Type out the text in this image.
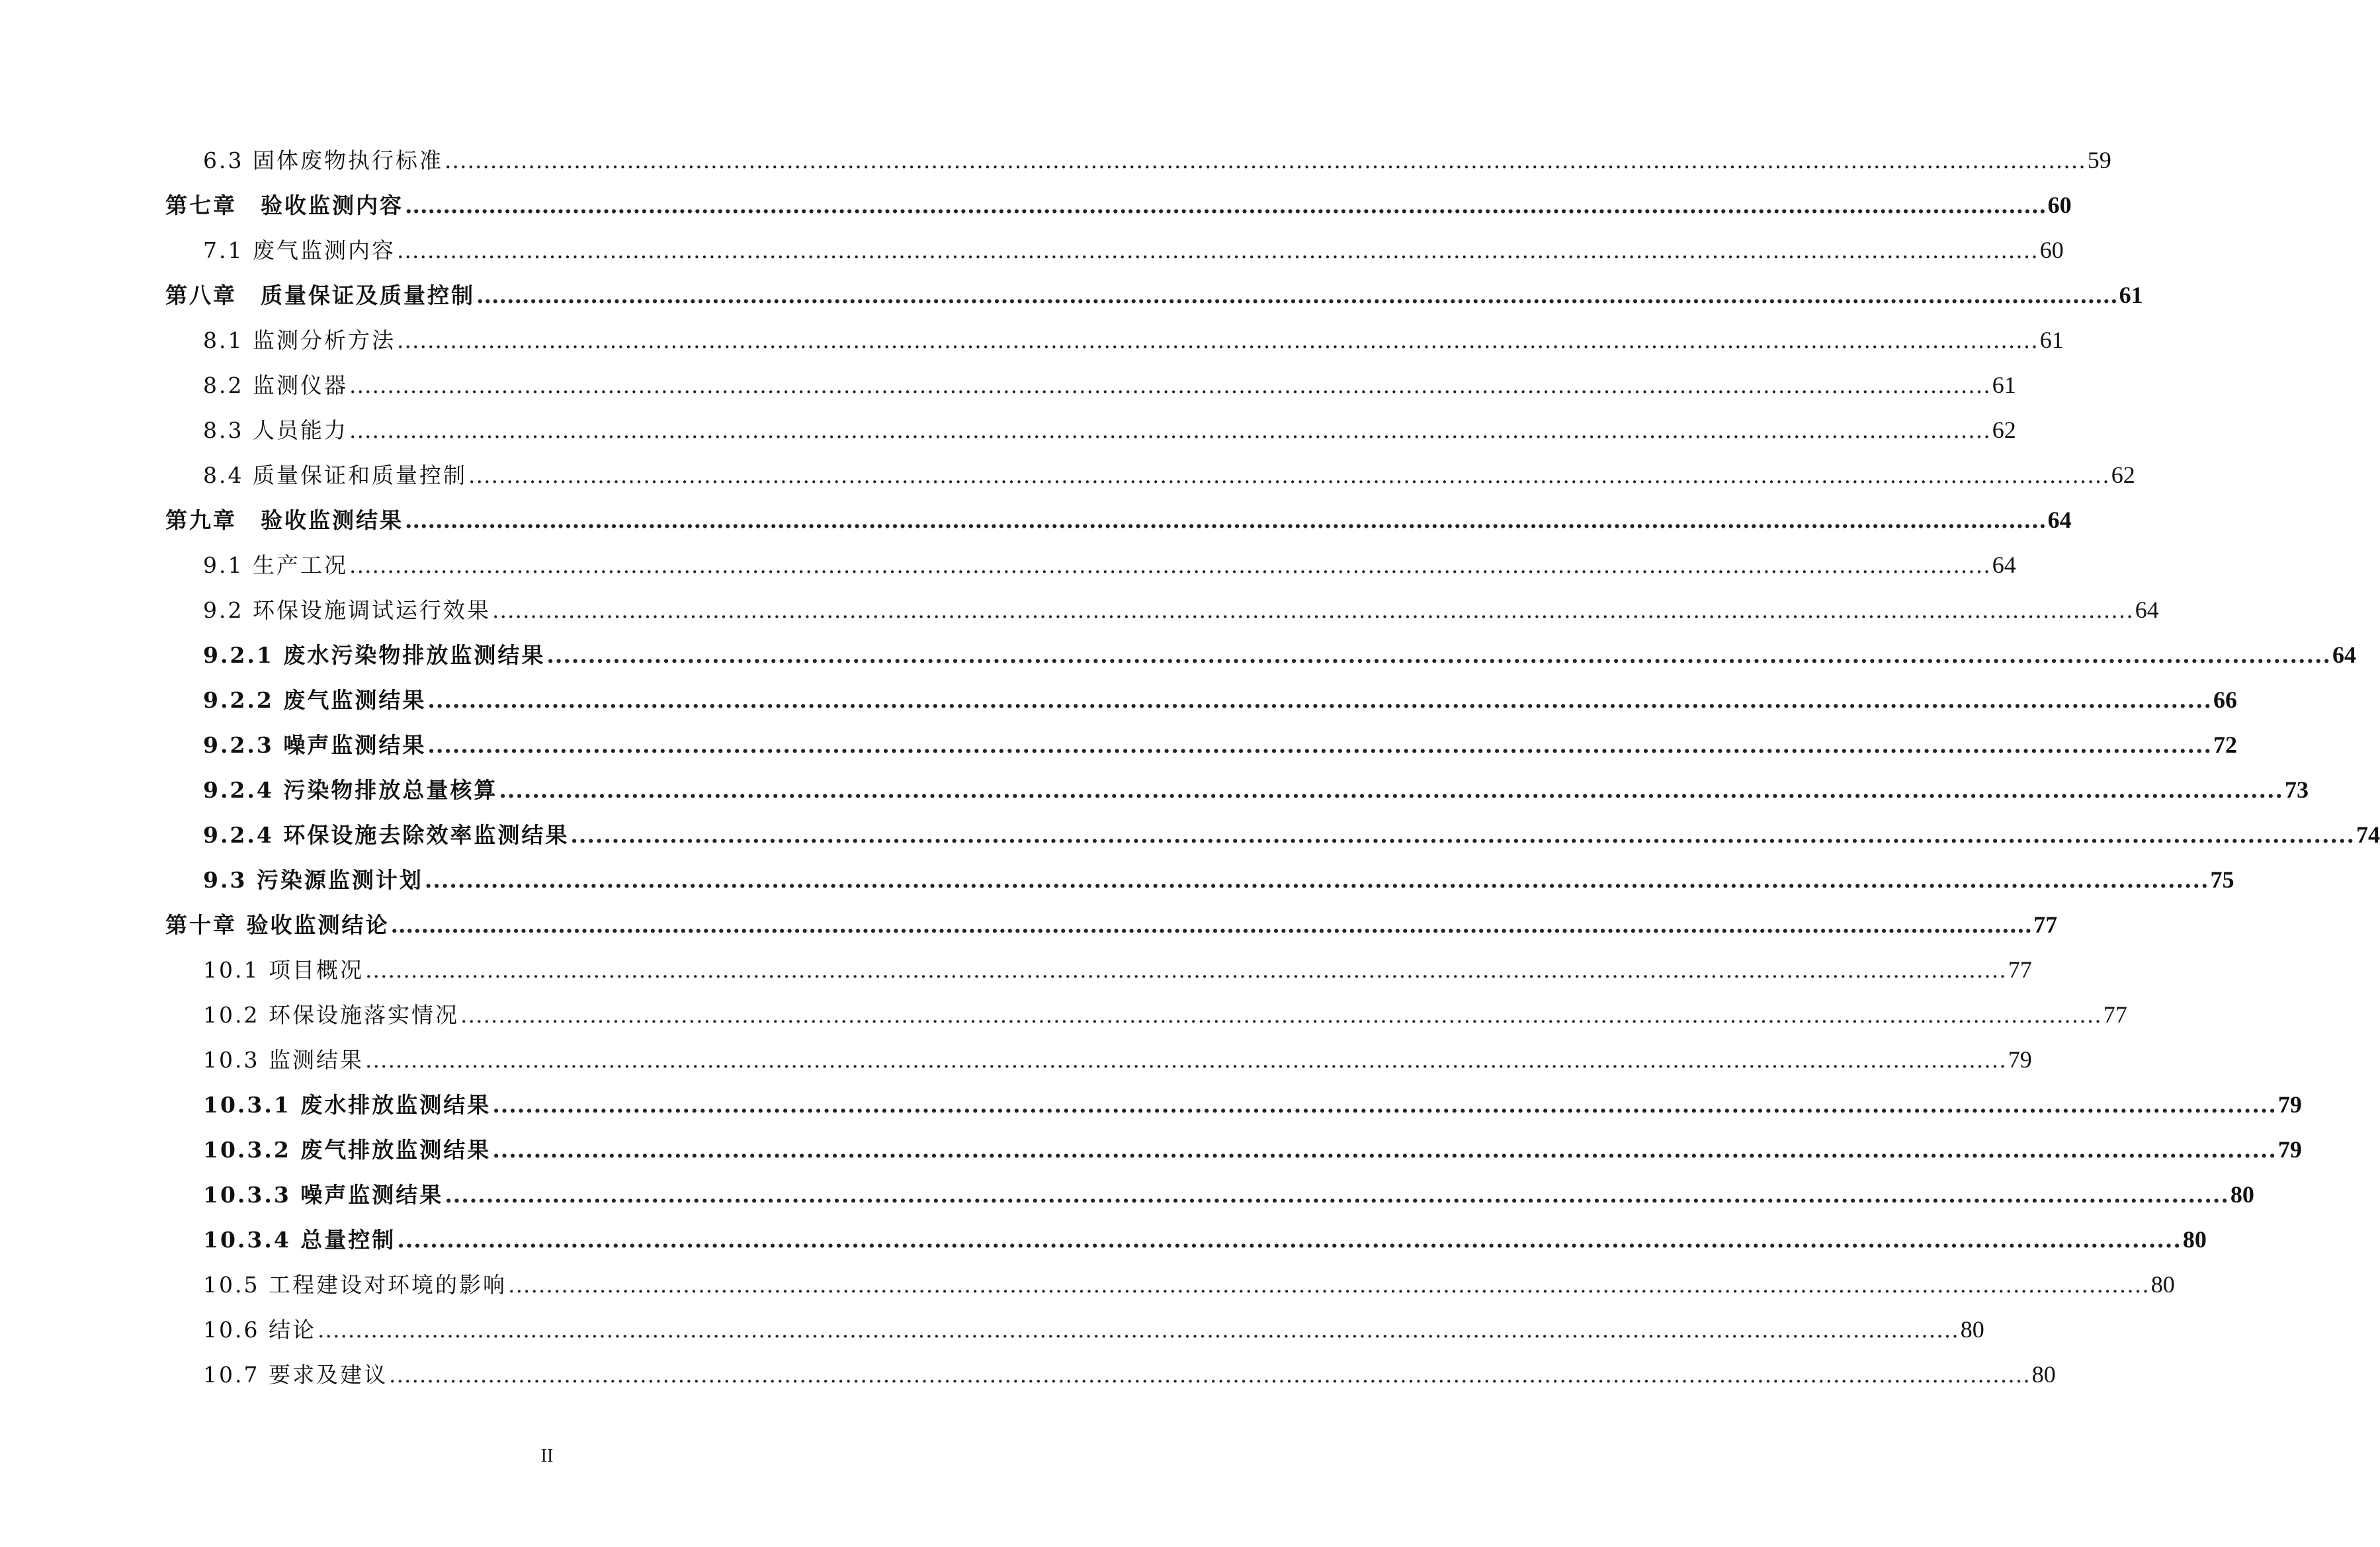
6.3 固体废物执行标准 ........................................................................................................................................................................................................................ 59
第七章　验收监测内容 ........................................................................................................................................................................................................................ 60
7.1 废气监测内容 ........................................................................................................................................................................................................................ 60
第八章　质量保证及质量控制 ........................................................................................................................................................................................................................ 61
8.1 监测分析方法 ........................................................................................................................................................................................................................ 61
8.2 监测仪器 ........................................................................................................................................................................................................................ 61
8.3 人员能力 ........................................................................................................................................................................................................................ 62
8.4 质量保证和质量控制 ........................................................................................................................................................................................................................ 62
第九章　验收监测结果 ........................................................................................................................................................................................................................ 64
9.1 生产工况 ........................................................................................................................................................................................................................ 64
9.2 环保设施调试运行效果 ........................................................................................................................................................................................................................ 64
9.2.1 废水污染物排放监测结果 ........................................................................................................................................................................................................................ 64
9.2.2 废气监测结果 ........................................................................................................................................................................................................................ 66
9.2.3 噪声监测结果 ........................................................................................................................................................................................................................ 72
9.2.4 污染物排放总量核算 ........................................................................................................................................................................................................................ 73
9.2.4 环保设施去除效率监测结果 ........................................................................................................................................................................................................................ 74
9.3 污染源监测计划 ........................................................................................................................................................................................................................ 75
第十章 验收监测结论 ........................................................................................................................................................................................................................ 77
10.1 项目概况 ........................................................................................................................................................................................................................ 77
10.2 环保设施落实情况 ........................................................................................................................................................................................................................ 77
10.3 监测结果 ........................................................................................................................................................................................................................ 79
10.3.1 废水排放监测结果 ........................................................................................................................................................................................................................ 79
10.3.2 废气排放监测结果 ........................................................................................................................................................................................................................ 79
10.3.3 噪声监测结果 ........................................................................................................................................................................................................................ 80
10.3.4 总量控制 ........................................................................................................................................................................................................................ 80
10.5 工程建设对环境的影响 ........................................................................................................................................................................................................................ 80
10.6 结论 ........................................................................................................................................................................................................................ 80
10.7 要求及建议 ........................................................................................................................................................................................................................ 80
II
